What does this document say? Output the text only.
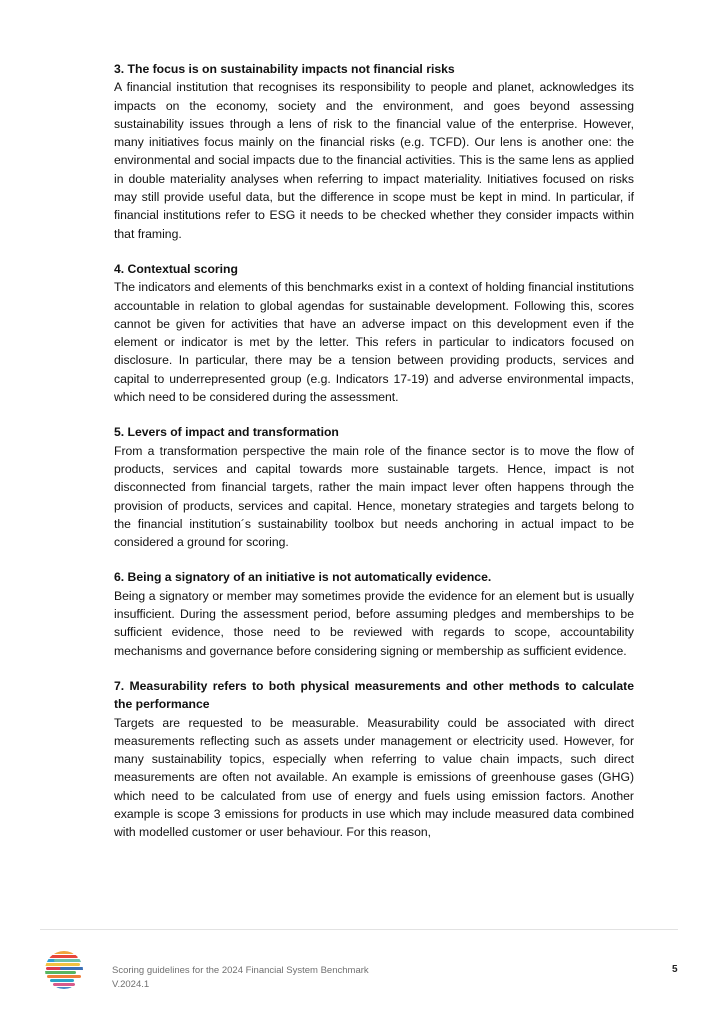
3. The focus is on sustainability impacts not financial risks

A financial institution that recognises its responsibility to people and planet, acknowledges its impacts on the economy, society and the environment, and goes beyond assessing sustainability issues through a lens of risk to the financial value of the enterprise. However, many initiatives focus mainly on the financial risks (e.g. TCFD). Our lens is another one: the environmental and social impacts due to the financial activities. This is the same lens as applied in double materiality analyses when referring to impact materiality. Initiatives focused on risks may still provide useful data, but the difference in scope must be kept in mind. In particular, if financial institutions refer to ESG it needs to be checked whether they consider impacts within that framing.

4. Contextual scoring

The indicators and elements of this benchmarks exist in a context of holding financial institutions accountable in relation to global agendas for sustainable development. Following this, scores cannot be given for activities that have an adverse impact on this development even if the element or indicator is met by the letter. This refers in particular to indicators focused on disclosure. In particular, there may be a tension between providing products, services and capital to underrepresented group (e.g. Indicators 17-19) and adverse environmental impacts, which need to be considered during the assessment.

5. Levers of impact and transformation

From a transformation perspective the main role of the finance sector is to move the flow of products, services and capital towards more sustainable targets. Hence, impact is not disconnected from financial targets, rather the main impact lever often happens through the provision of products, services and capital. Hence, monetary strategies and targets belong to the financial institution´s sustainability toolbox but needs anchoring in actual impact to be considered a ground for scoring.

6. Being a signatory of an initiative is not automatically evidence.

Being a signatory or member may sometimes provide the evidence for an element but is usually insufficient. During the assessment period, before assuming pledges and memberships to be sufficient evidence, those need to be reviewed with regards to scope, accountability mechanisms and governance before considering signing or membership as sufficient evidence.

7. Measurability refers to both physical measurements and other methods to calculate the performance

Targets are requested to be measurable. Measurability could be associated with direct measurements reflecting such as assets under management or electricity used. However, for many sustainability topics, especially when referring to value chain impacts, such direct measurements are often not available. An example is emissions of greenhouse gases (GHG) which need to be calculated from use of energy and fuels using emission factors. Another example is scope 3 emissions for products in use which may include measured data combined with modelled customer or user behaviour. For this reason,

Scoring guidelines for the 2024 Financial System Benchmark
V.2024.1
5
